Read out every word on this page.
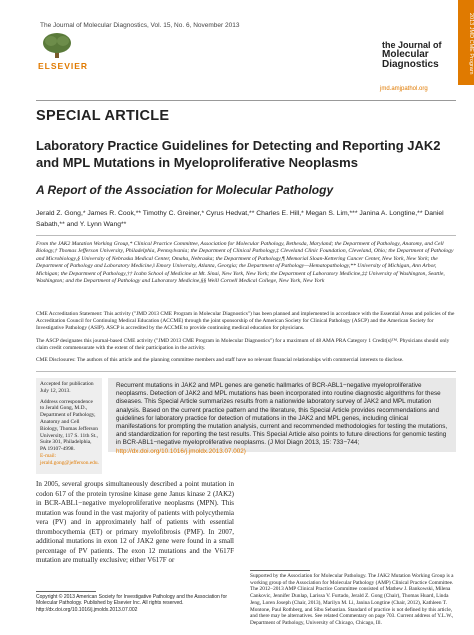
The Journal of Molecular Diagnostics, Vol. 15, No. 6, November 2013
ELSEVIER
the Journal of
Molecular
Diagnostics
jmd.amjpathol.org
2013 JMD CME Program
SPECIAL ARTICLE
Laboratory Practice Guidelines for Detecting and Reporting JAK2 and MPL Mutations in Myeloproliferative Neoplasms
A Report of the Association for Molecular Pathology
Jerald Z. Gong,* James R. Cook,** Timothy C. Greiner,* Cyrus Hedvat,** Charles E. Hill,* Megan S. Lim,*** Janina A. Longtine,** Daniel Sabath,** and Y. Lynn Wang**
From the JAK2 Mutation Working Group,* Clinical Practice Committee, Association for Molecular Pathology, Bethesda, Maryland; the Department of Pathology, Anatomy, and Cell Biology,† Thomas Jefferson University, Philadelphia, Pennsylvania; the Department of Clinical Pathology,‡ Cleveland Clinic Foundation, Cleveland, Ohio; the Department of Pathology and Microbiology,§ University of Nebraska Medical Center, Omaha, Nebraska; the Department of Pathology,¶ Memorial Sloan-Kettering Cancer Center, New York, New York; the Department of Pathology and Laboratory Medicine,‖ Emory University, Atlanta, Georgia; the Department of Pathology—Hematopathology,** University of Michigan, Ann Arbor, Michigan; the Department of Pathology,†† Icahn School of Medicine at Mt. Sinai, New York, New York; the Department of Laboratory Medicine,‡‡ University of Washington, Seattle, Washington; and the Department of Pathology and Laboratory Medicine,§§ Weill Cornell Medical College, New York, New York
CME Accreditation Statement: This activity ("JMD 2013 CME Program in Molecular Diagnostics") has been planned and implemented in accordance with the Essential Areas and policies of the Accreditation Council for Continuing Medical Education (ACCME) through the joint sponsorship of the American Society for Clinical Pathology (ASCP) and the American Society for Investigative Pathology (ASIP). ASCP is accredited by the ACCME to provide continuing medical education for physicians.
The ASCP designates this journal-based CME activity ("JMD 2013 CME Program in Molecular Diagnostics") for a maximum of 48 AMA PRA Category 1 Credit(s)™. Physicians should only claim credit commensurate with the extent of their participation in the activity.
CME Disclosures: The authors of this article and the planning committee members and staff have no relevant financial relationships with commercial interests to disclose.
Accepted for publication July 12, 2013.
Address correspondence to Jerald Gong, M.D., Department of Pathology, Anatomy and Cell Biology, Thomas Jefferson University, 117 S. 11th St., Suite 301, Philadelphia, PA 19107-4998.
E-mail: jerald.gong@jefferson.edu.
Recurrent mutations in JAK2 and MPL genes are genetic hallmarks of BCR-ABL1−negative myeloproliferative neoplasms. Detection of JAK2 and MPL mutations has been incorporated into routine diagnostic algorithms for these diseases. This Special Article summarizes results from a nationwide laboratory survey of JAK2 and MPL mutation analysis. Based on the current practice pattern and the literature, this Special Article provides recommendations and guidelines for laboratory practice for detection of mutations in the JAK2 and MPL genes, including clinical manifestations for prompting the mutation analysis, current and recommended methodologies for testing the mutations, and standardization for reporting the test results. This Special Article also points to future directions for genomic testing in BCR-ABL1−negative myeloproliferative neoplasms. (J Mol Diagn 2013, 15: 733−744; http://dx.doi.org/10.1016/j.jmoldx.2013.07.002)
In 2005, several groups simultaneously described a point mutation in codon 617 of the protein tyrosine kinase gene Janus kinase 2 (JAK2) in BCR-ABL1−negative myeloproliferative neoplasms (MPN). This mutation was found in the vast majority of patients with polycythemia vera (PV) and in approximately half of patients with essential thrombocythemia (ET) or primary myelofibrosis (PMF). In 2007, additional mutations in exon 12 of JAK2 gene were found in a small percentage of PV patients. The exon 12 mutations and the V617F mutation are mutually exclusive; either V617F or
Copyright © 2013 American Society for Investigative Pathology and the Association for Molecular Pathology. Published by Elsevier Inc. All rights reserved. http://dx.doi.org/10.1016/j.jmoldx.2013.07.002
Supported by the Association for Molecular Pathology. The JAK2 Mutation Working Group is a working group of the Association for Molecular Pathology (AMP) Clinical Practice Committee. The 2012−2013 AMP Clinical Practice Committee consisted of Mathew J. Bankowski, Milena Cankovic, Jennifer Dunlap, Larissa V. Furtado, Jerald Z. Gong (Chair), Thomas Huard, Linda Jeng, Loren Joseph (Chair, 2013), Marilyn M. Li, Janina Longtine (Chair, 2012), Kathleen T. Montone, Paul Rothberg, and Sibu Sebastian. Standard of practice is not defined by this article, and there may be alternatives. See related Commentary on page 703. Current address of Y.L.W., Department of Pathology, University of Chicago, Chicago, Ill.
